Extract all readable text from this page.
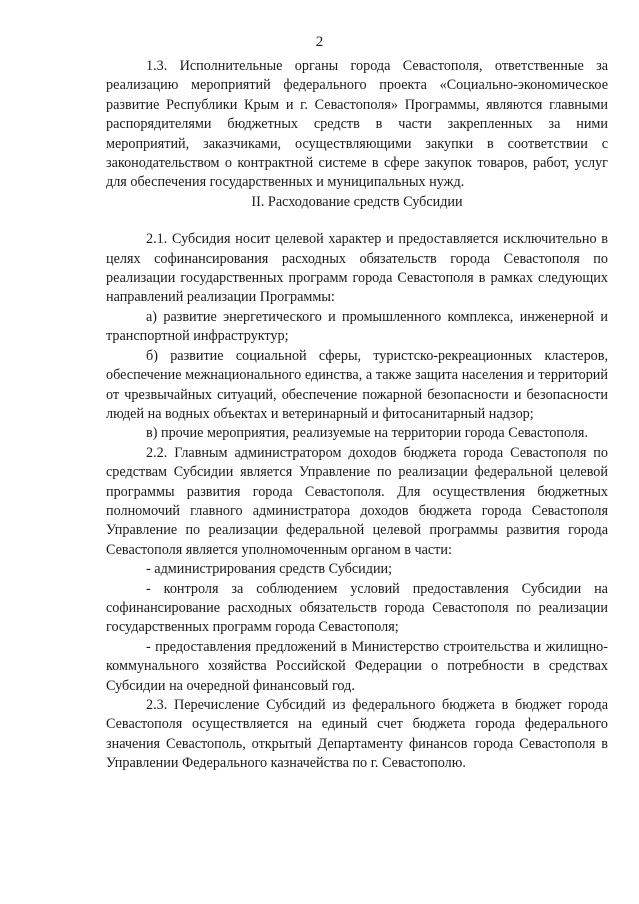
2

1.3. Исполнительные органы города Севастополя, ответственные за реализацию мероприятий федерального проекта «Социально-экономическое развитие Республики Крым и г. Севастополя» Программы, являются главными распорядителями бюджетных средств в части закрепленных за ними мероприятий, заказчиками, осуществляющими закупки в соответствии с законодательством о контрактной системе в сфере закупок товаров, работ, услуг для обеспечения государственных и муниципальных нужд.

II. Расходование средств Субсидии

2.1. Субсидия носит целевой характер и предоставляется исключительно в целях софинансирования расходных обязательств города Севастополя по реализации государственных программ города Севастополя в рамках следующих направлений реализации Программы:

а) развитие энергетического и промышленного комплекса, инженерной и транспортной инфраструктур;

б) развитие социальной сферы, туристско-рекреационных кластеров, обеспечение межнационального единства, а также защита населения и территорий от чрезвычайных ситуаций, обеспечение пожарной безопасности и безопасности людей на водных объектах и ветеринарный и фитосанитарный надзор;

в) прочие мероприятия, реализуемые на территории города Севастополя.

2.2. Главным администратором доходов бюджета города Севастополя по средствам Субсидии является Управление по реализации федеральной целевой программы развития города Севастополя. Для осуществления бюджетных полномочий главного администратора доходов бюджета города Севастополя Управление по реализации федеральной целевой программы развития города Севастополя является уполномоченным органом в части:

- администрирования средств Субсидии;

- контроля за соблюдением условий предоставления Субсидии на софинансирование расходных обязательств города Севастополя по реализации государственных программ города Севастополя;

- предоставления предложений в Министерство строительства и жилищно-коммунального хозяйства Российской Федерации о потребности в средствах Субсидии на очередной финансовый год.

2.3. Перечисление Субсидий из федерального бюджета в бюджет города Севастополя осуществляется на единый счет бюджета города федерального значения Севастополь, открытый Департаменту финансов города Севастополя в Управлении Федерального казначейства по г. Севастополю.
